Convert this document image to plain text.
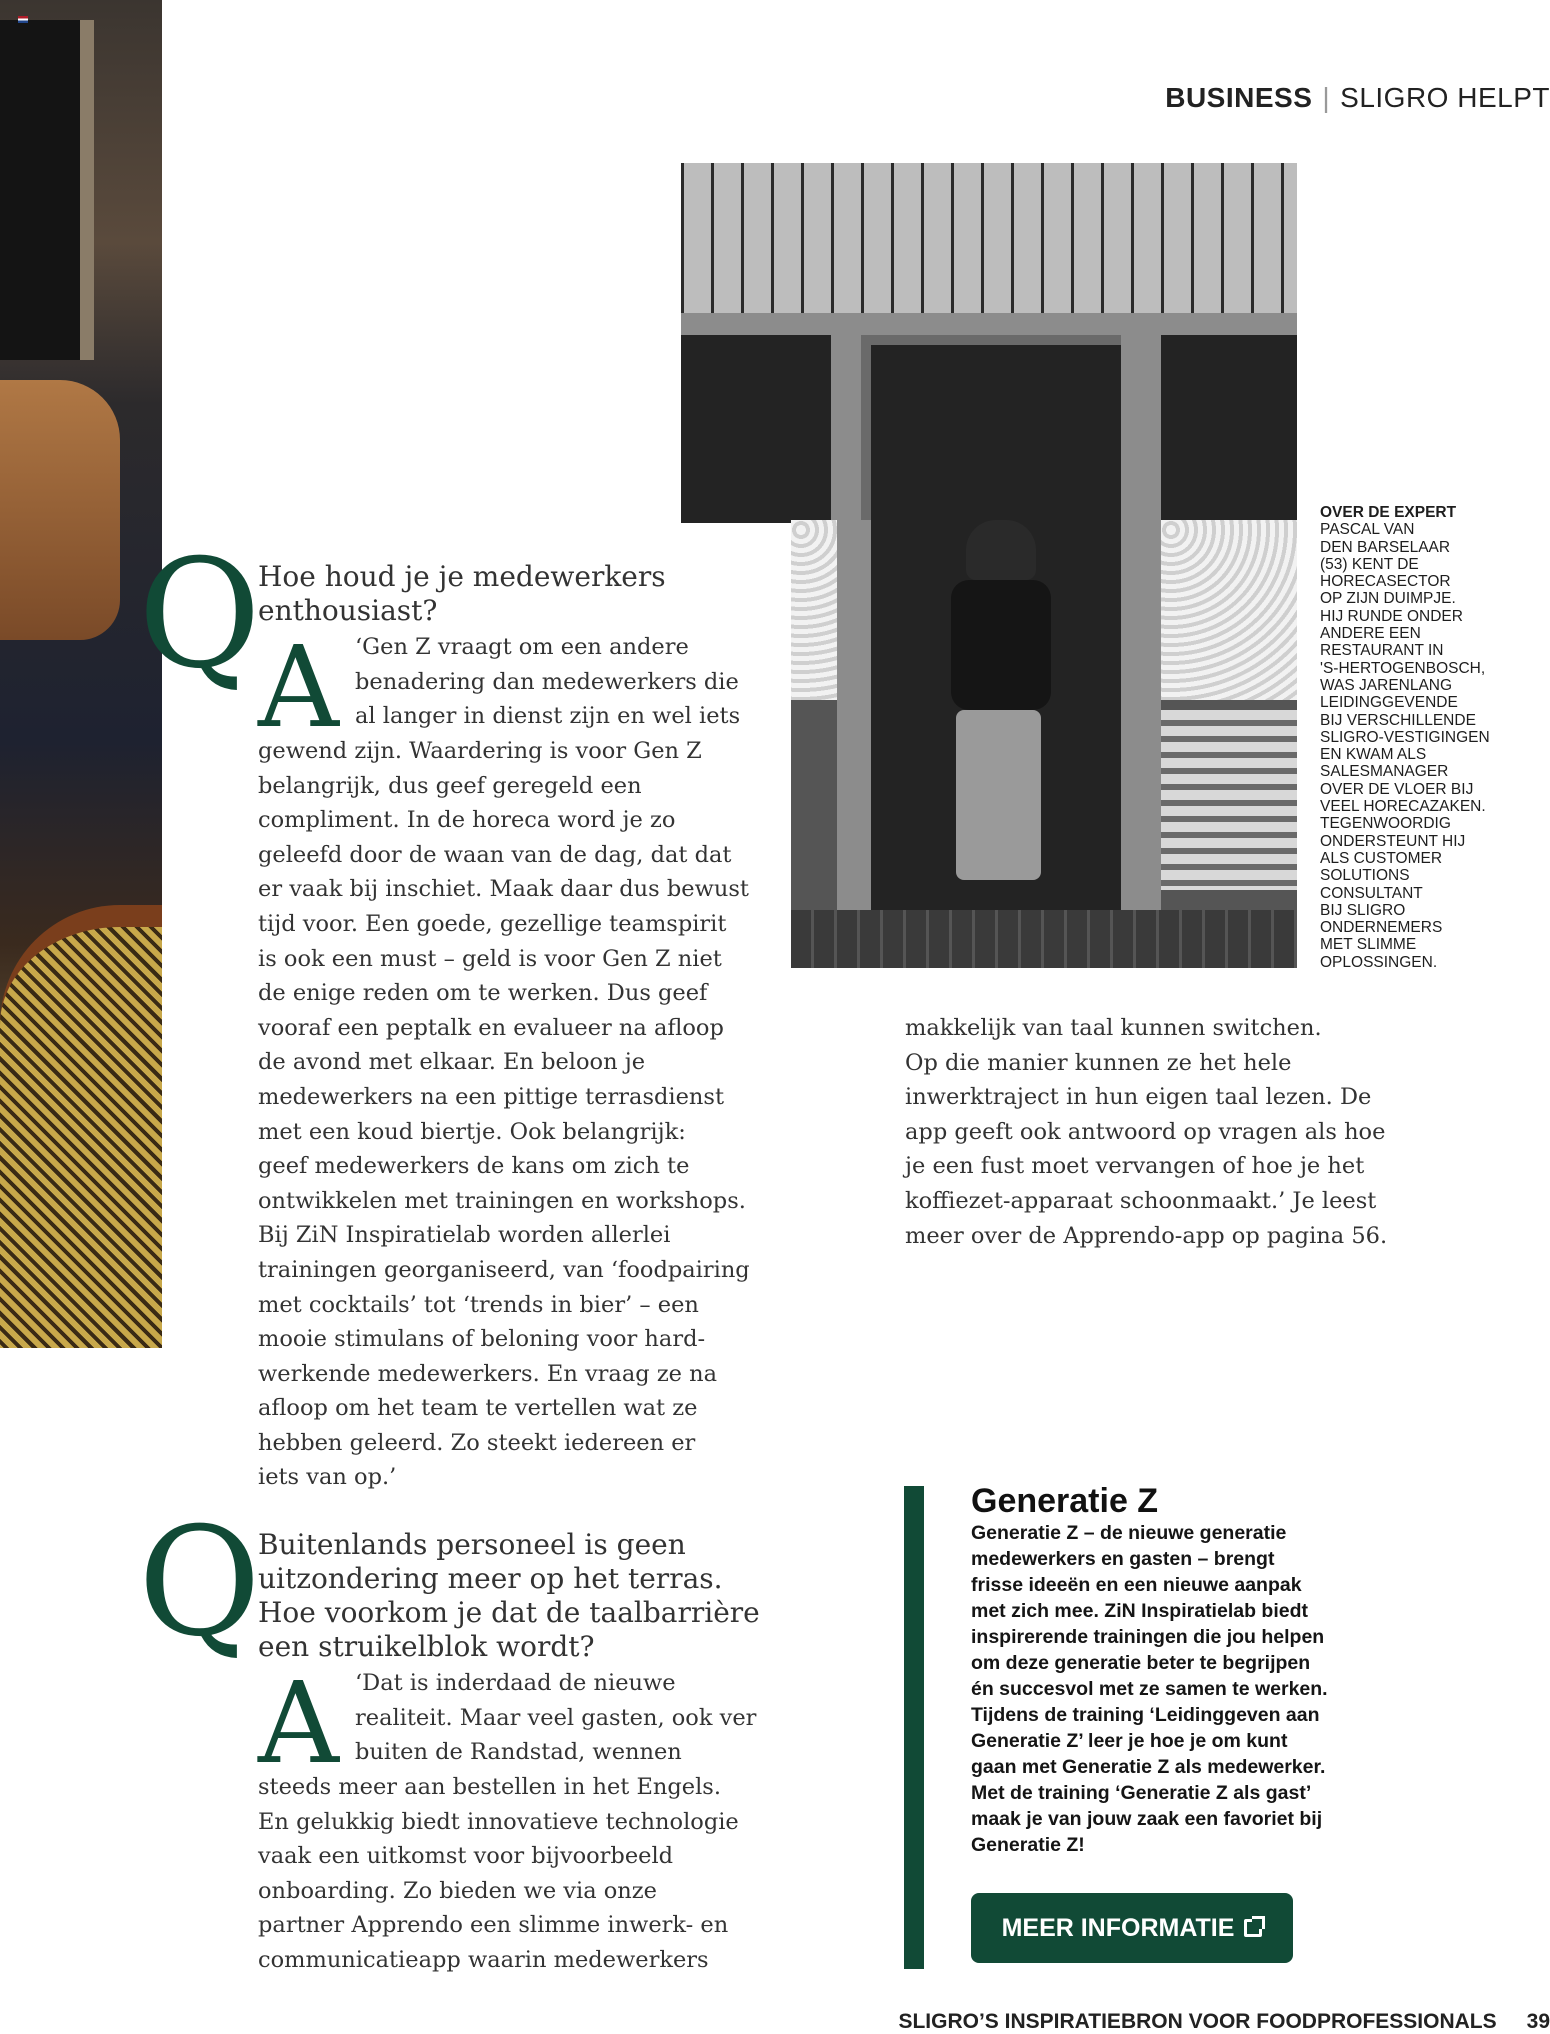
BUSINESS | SLIGRO HELPT
OVER DE EXPERT
PASCAL VAN
DEN BARSELAAR
(53) KENT DE
HORECASECTOR
OP ZIJN DUIMPJE.
HIJ RUNDE ONDER
ANDERE EEN
RESTAURANT IN
'S-HERTOGENBOSCH,
WAS JARENLANG
LEIDINGGEVENDE
BIJ VERSCHILLENDE
SLIGRO-VESTIGINGEN
EN KWAM ALS
SALESMANAGER
OVER DE VLOER BIJ
VEEL HORECAZAKEN.
TEGENWOORDIG
ONDERSTEUNT HIJ
ALS CUSTOMER
SOLUTIONS
CONSULTANT
BIJ SLIGRO
ONDERNEMERS
MET SLIMME
OPLOSSINGEN.
Q
Hoe houd je je medewerkers
enthousiast?
A ‘Gen Z vraagt om een andere

benadering dan medewerkers die

al langer in dienst zijn en wel iets

gewend zijn. Waardering is voor Gen Z

belangrijk, dus geef geregeld een

compliment. In de horeca word je zo

geleefd door de waan van de dag, dat dat

er vaak bij inschiet. Maak daar dus bewust

tijd voor. Een goede, gezellige teamspirit

is ook een must – geld is voor Gen Z niet

de enige reden om te werken. Dus geef

vooraf een peptalk en evalueer na afloop

de avond met elkaar. En beloon je

medewerkers na een pittige terrasdienst

met een koud biertje. Ook belangrijk:

geef medewerkers de kans om zich te

ontwikkelen met trainingen en workshops.

Bij ZiN Inspiratielab worden allerlei

trainingen georganiseerd, van ‘foodpairing

met cocktails’ tot ‘trends in bier’ – een

mooie stimulans of beloning voor hard-

werkende medewerkers. En vraag ze na

afloop om het team te vertellen wat ze

hebben geleerd. Zo steekt iedereen er

iets van op.’

Q
Buitenlands personeel is geen
uitzondering meer op het terras.
Hoe voorkom je dat de taalbarrière
een struikelblok wordt?
A ‘Dat is inderdaad de nieuwe

realiteit. Maar veel gasten, ook ver

buiten de Randstad, wennen

steeds meer aan bestellen in het Engels.

En gelukkig biedt innovatieve technologie

vaak een uitkomst voor bijvoorbeeld

onboarding. Zo bieden we via onze

partner Apprendo een slimme inwerk- en

communicatieapp waarin medewerkers

makkelijk van taal kunnen switchen.

Op die manier kunnen ze het hele

inwerktraject in hun eigen taal lezen. De

app geeft ook antwoord op vragen als hoe

je een fust moet vervangen of hoe je het

koffiezet-apparaat schoonmaakt.’ Je leest

meer over de Apprendo-app op pagina 56.

Generatie Z

Generatie Z – de nieuwe generatie

medewerkers en gasten – brengt

frisse ideeën en een nieuwe aanpak

met zich mee. ZiN Inspiratielab biedt

inspirerende trainingen die jou helpen

om deze generatie beter te begrijpen

én succesvol met ze samen te werken.

Tijdens de training ‘Leidinggeven aan

Generatie Z’ leer je hoe je om kunt

gaan met Generatie Z als medewerker.

Met de training ‘Generatie Z als gast’

maak je van jouw zaak een favoriet bij

Generatie Z!

MEER INFORMATIE
SLIGRO’S INSPIRATIEBRON VOOR FOODPROFESSIONALS 39
